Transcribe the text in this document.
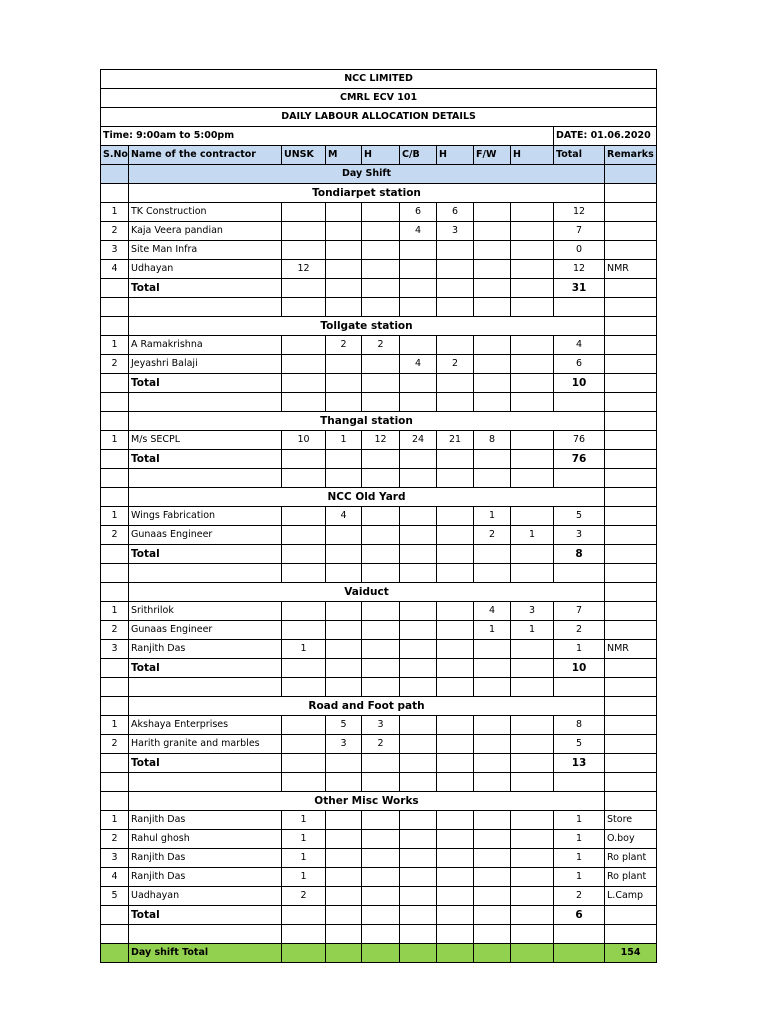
NCC LIMITED										
CMRL ECV 101										
DAILY LABOUR ALLOCATION DETAILS										
Time: 9:00am to 5:00pm									DATE: 01.06.2020	
S.No	Name of the contractor	UNSK	M	H	C/B	H	F/W	H	Total	Remarks
	Day Shift									
	Tondiarpet station									
1	TK Construction				6	6			12	
2	Kaja Veera pandian				4	3			7	
3	Site Man Infra								0	
4	Udhayan	12							12	NMR
	Total								31	

	Tollgate station									
1	A Ramakrishna		2	2					4	
2	Jeyashri Balaji				4	2			6	
	Total								10	

	Thangal station									
1	M/s SECPL	10	1	12	24	21	8		76	
	Total								76	

	NCC Old Yard									
1	Wings Fabrication		4				1		5	
2	Gunaas Engineer						2	1	3	
	Total								8	

	Vaiduct									
1	Srithrilok						4	3	7	
2	Gunaas Engineer						1	1	2	
3	Ranjith Das	1							1	NMR
	Total								10	

	Road and Foot path									
1	Akshaya Enterprises		5	3					8	
2	Harith granite and marbles		3	2					5	
	Total								13	

	Other Misc Works									
1	Ranjith Das	1							1	Store
2	Rahul ghosh	1							1	O.boy
3	Ranjith Das	1							1	Ro plant
4	Ranjith Das	1							1	Ro plant
5	Uadhayan	2							2	L.Camp
	Total								6	

	Day shift Total									154
